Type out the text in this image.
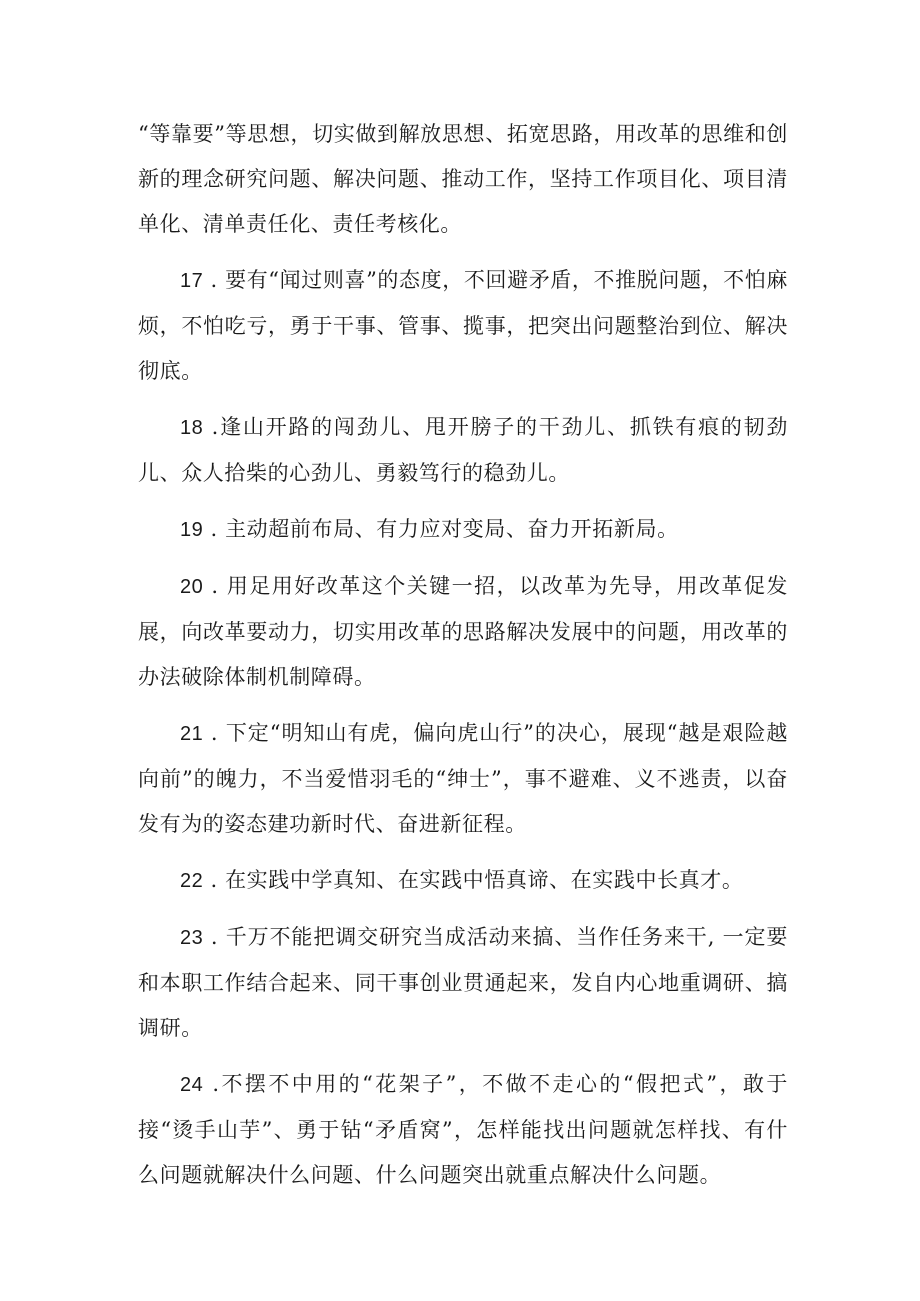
“等靠要”等思想，切实做到解放思想、拓宽思路，用改革的思维和创新的理念研究问题、解决问题、推动工作，坚持工作项目化、项目清单化、清单责任化、责任考核化。

17 . 要有“闻过则喜”的态度，不回避矛盾，不推脱问题，不怕麻烦，不怕吃亏，勇于干事、管事、揽事，把突出问题整治到位、解决彻底。

18 .逢山开路的闯劲儿、甩开膀子的干劲儿、抓铁有痕的韧劲儿、众人拾柴的心劲儿、勇毅笃行的稳劲儿。

19 . 主动超前布局、有力应对变局、奋力开拓新局。

20 . 用足用好改革这个关键一招，以改革为先导，用改革促发展，向改革要动力，切实用改革的思路解决发展中的问题，用改革的办法破除体制机制障碍。

21 . 下定“明知山有虎，偏向虎山行”的决心，展现“越是艰险越向前”的魄力，不当爱惜羽毛的“绅士”，事不避难、义不逃责，以奋发有为的姿态建功新时代、奋进新征程。

22 . 在实践中学真知、在实践中悟真谛、在实践中长真才。

23 . 千万不能把调交研究当成活动来搞、当作任务来干, 一定要和本职工作结合起来、同干事创业贯通起来，发自内心地重调研、搞调研。

24 .不摆不中用的“花架子”，不做不走心的“假把式”，敢于接“烫手山芋”、勇于钻“矛盾窝”，怎样能找出问题就怎样找、有什么问题就解决什么问题、什么问题突出就重点解决什么问题。
